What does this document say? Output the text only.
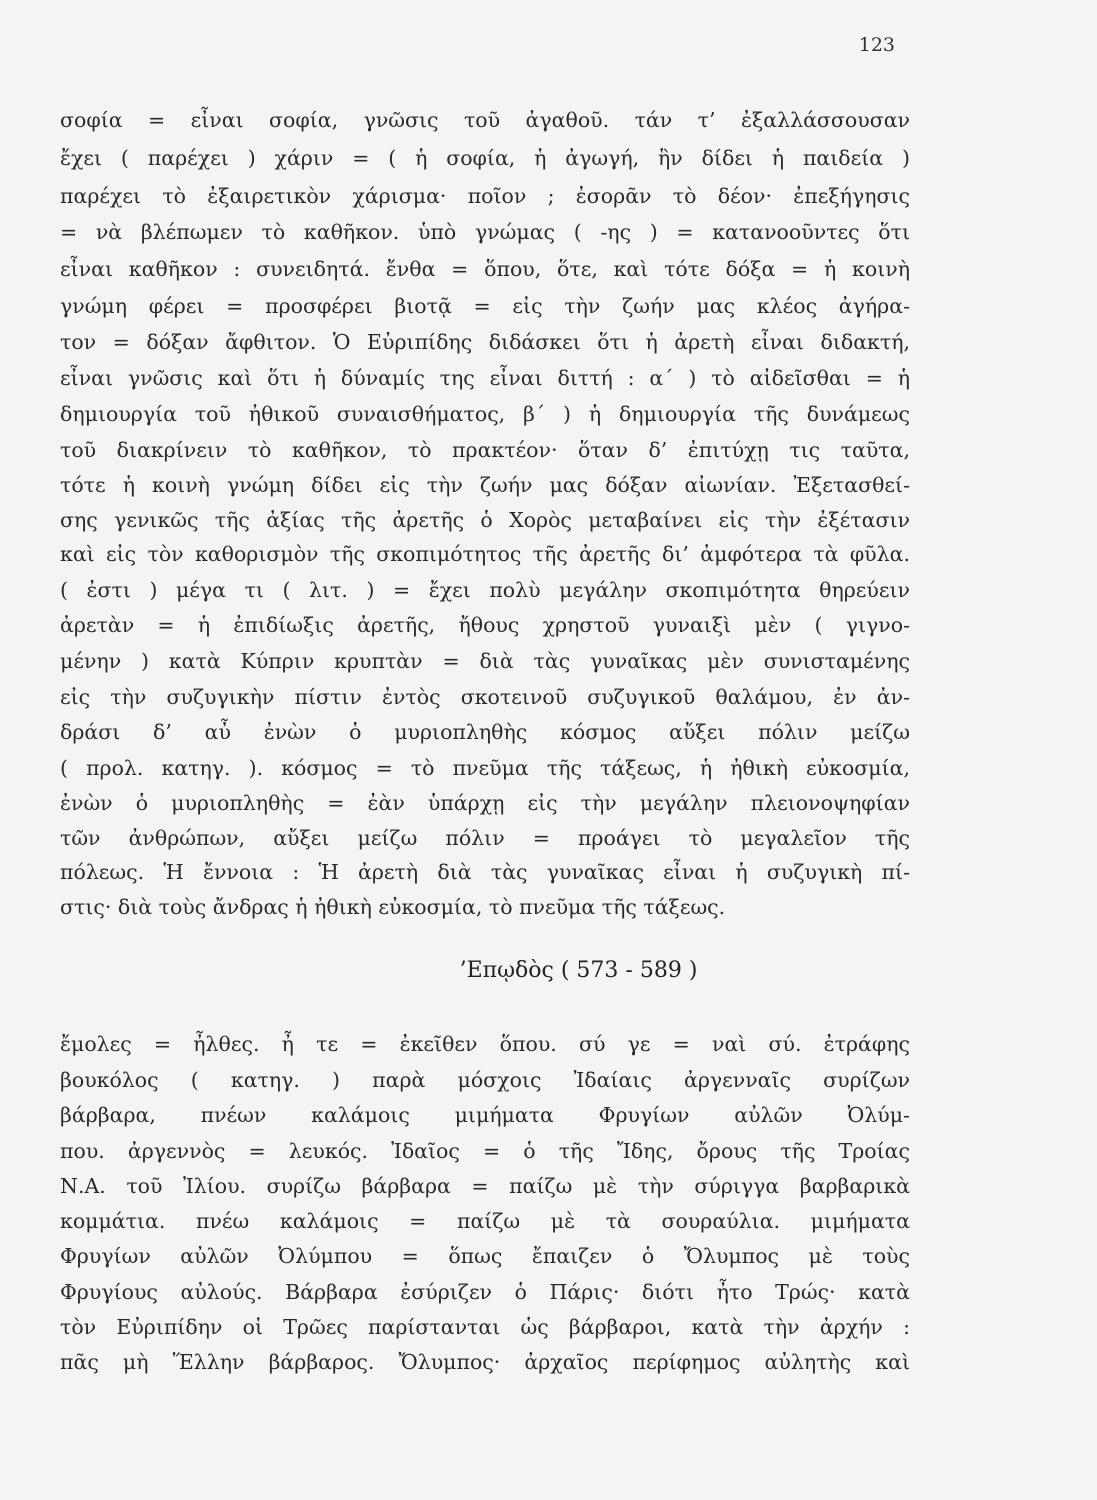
123
σοφία = εἶναι σοφία, γνῶσις τοῦ ἀγαθοῦ. τάν τ’ ἐξαλλάσσουσαν
ἔχει ( παρέχει ) χάριν = ( ἡ σοφία, ἡ ἀγωγή, ἣν δίδει ἡ παιδεία )
παρέχει τὸ ἐξαιρετικὸν χάρισμα· ποῖον ; ἐσορᾶν τὸ δέον· ἐπεξήγησις
= νὰ βλέπωμεν τὸ καθῆκον. ὑπὸ γνώμας ( -ης ) = κατανοοῦντες ὅτι
εἶναι καθῆκον : συνειδητά. ἔνθα = ὅπου, ὅτε, καὶ τότε δόξα = ἡ κοινὴ
γνώμη φέρει = προσφέρει βιοτᾷ = εἰς τὴν ζωήν μας κλέος ἀγήρα-
τον = δόξαν ἄφθιτον. Ὁ Εὐριπίδης διδάσκει ὅτι ἡ ἀρετὴ εἶναι διδακτή,
εἶναι γνῶσις καὶ ὅτι ἡ δύναμίς της εἶναι διττή : α΄ ) τὸ αἰδεῖσθαι = ἡ
δημιουργία τοῦ ἠθικοῦ συναισθήματος, β΄ ) ἡ δημιουργία τῆς δυνάμεως
τοῦ διακρίνειν τὸ καθῆκον, τὸ πρακτέον· ὅταν δ’ ἐπιτύχῃ τις ταῦτα,
τότε ἡ κοινὴ γνώμη δίδει εἰς τὴν ζωήν μας δόξαν αἰωνίαν. Ἐξετασθεί-
σης γενικῶς τῆς ἀξίας τῆς ἀρετῆς ὁ Χορὸς μεταβαίνει εἰς τὴν ἐξέτασιν
καὶ εἰς τὸν καθορισμὸν τῆς σκοπιμότητος τῆς ἀρετῆς δι’ ἀμφότερα τὰ φῦλα.
( ἐστι ) μέγα τι ( λιτ. ) = ἔχει πολὺ μεγάλην σκοπιμότητα θηρεύειν
ἀρετὰν = ἡ ἐπιδίωξις ἀρετῆς, ἤθους χρηστοῦ γυναιξὶ μὲν ( γιγνο-
μένην ) κατὰ Κύπριν κρυπτὰν = διὰ τὰς γυναῖκας μὲν συνισταμένης
εἰς τὴν συζυγικὴν πίστιν ἐντὸς σκοτεινοῦ συζυγικοῦ θαλάμου, ἐν ἀν-
δράσι δ’ αὖ ἐνὼν ὁ μυριοπληθὴς κόσμος αὔξει πόλιν μείζω
( προλ. κατηγ. ). κόσμος = τὸ πνεῦμα τῆς τάξεως, ἡ ἠθικὴ εὐκοσμία,
ἐνὼν ὁ μυριοπληθὴς = ἐὰν ὑπάρχῃ εἰς τὴν μεγάλην πλειονοψηφίαν
τῶν ἀνθρώπων, αὔξει μείζω πόλιν = προάγει τὸ μεγαλεῖον τῆς
πόλεως. Ἡ ἔννοια : Ἡ ἀρετὴ διὰ τὰς γυναῖκας εἶναι ἡ συζυγικὴ πί-
στις· διὰ τοὺς ἄνδρας ἡ ἠθικὴ εὐκοσμία, τὸ πνεῦμα τῆς τάξεως.
’Επῳδὸς ( 573 - 589 )
ἔμολες = ἦλθες. ἦ τε = ἐκεῖθεν ὅπου. σύ γε = ναὶ σύ. ἐτράφης
βουκόλος ( κατηγ. ) παρὰ μόσχοις Ἰδαίαις ἀργενναῖς συρίζων
βάρβαρα, πνέων καλάμοις μιμήματα Φρυγίων αὐλῶν Ὀλύμ-
που. ἀργεννὸς = λευκός. Ἰδαῖος = ὁ τῆς Ἴδης, ὄρους τῆς Τροίας
Ν.Α. τοῦ Ἰλίου. συρίζω βάρβαρα = παίζω μὲ τὴν σύριγγα βαρβαρικὰ
κομμάτια. πνέω καλάμοις = παίζω μὲ τὰ σουραύλια. μιμήματα
Φρυγίων αὐλῶν Ὀλύμπου = ὅπως ἔπαιζεν ὁ Ὄλυμπος μὲ τοὺς
Φρυγίους αὐλούς. Βάρβαρα ἐσύριζεν ὁ Πάρις· διότι ἦτο Τρώς· κατὰ
τὸν Εὐριπίδην οἱ Τρῶες παρίστανται ὡς βάρβαροι, κατὰ τὴν ἀρχήν :
πᾶς μὴ Ἕλλην βάρβαρος. Ὄλυμπος· ἀρχαῖος περίφημος αὐλητὴς καὶ
